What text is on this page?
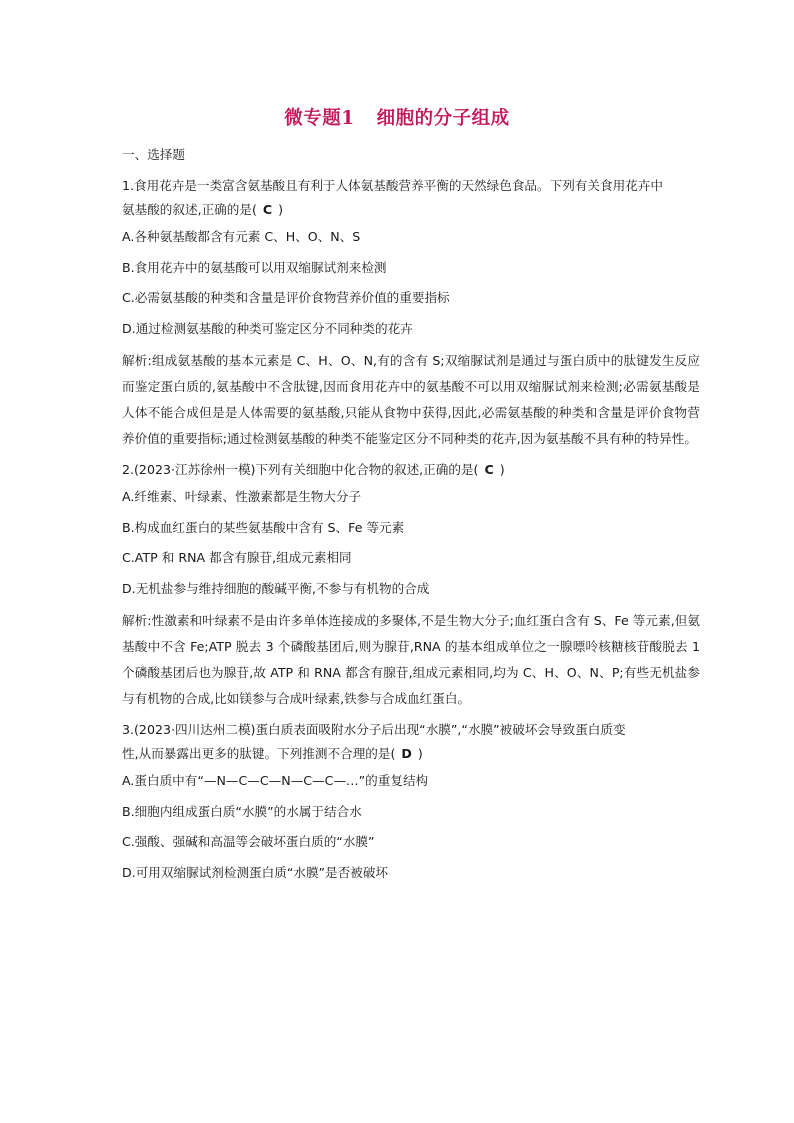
微专题1 细胞的分子组成
一、选择题
1.食用花卉是一类富含氨基酸且有利于人体氨基酸营养平衡的天然绿色食品。下列有关食用花卉中
氨基酸的叙述,正确的是( C )
A.各种氨基酸都含有元素 C、H、O、N、S
B.食用花卉中的氨基酸可以用双缩脲试剂来检测
C.必需氨基酸的种类和含量是评价食物营养价值的重要指标
D.通过检测氨基酸的种类可鉴定区分不同种类的花卉
解析:组成氨基酸的基本元素是 C、H、O、N,有的含有 S;双缩脲试剂是通过与蛋白质中的肽键发生反应而鉴定蛋白质的,氨基酸中不含肽键,因而食用花卉中的氨基酸不可以用双缩脲试剂来检测;必需氨基酸是人体不能合成但是是人体需要的氨基酸,只能从食物中获得,因此,必需氨基酸的种类和含量是评价食物营养价值的重要指标;通过检测氨基酸的种类不能鉴定区分不同种类的花卉,因为氨基酸不具有种的特异性。
2.(2023·江苏徐州一模)下列有关细胞中化合物的叙述,正确的是( C )
A.纤维素、叶绿素、性激素都是生物大分子
B.构成血红蛋白的某些氨基酸中含有 S、Fe 等元素
C.ATP 和 RNA 都含有腺苷,组成元素相同
D.无机盐参与维持细胞的酸碱平衡,不参与有机物的合成
解析:性激素和叶绿素不是由许多单体连接成的多聚体,不是生物大分子;血红蛋白含有 S、Fe 等元素,但氨基酸中不含 Fe;ATP 脱去 3 个磷酸基团后,则为腺苷,RNA 的基本组成单位之一腺嘌呤核糖核苷酸脱去 1 个磷酸基团后也为腺苷,故 ATP 和 RNA 都含有腺苷,组成元素相同,均为 C、H、O、N、P;有些无机盐参与有机物的合成,比如镁参与合成叶绿素,铁参与合成血红蛋白。
3.(2023·四川达州二模)蛋白质表面吸附水分子后出现“水膜”,“水膜”被破坏会导致蛋白质变
性,从而暴露出更多的肽键。下列推测不合理的是( D )
A.蛋白质中有“—N—C—C—N—C—C—…”的重复结构
B.细胞内组成蛋白质“水膜”的水属于结合水
C.强酸、强碱和高温等会破坏蛋白质的“水膜”
D.可用双缩脲试剂检测蛋白质“水膜”是否被破坏
